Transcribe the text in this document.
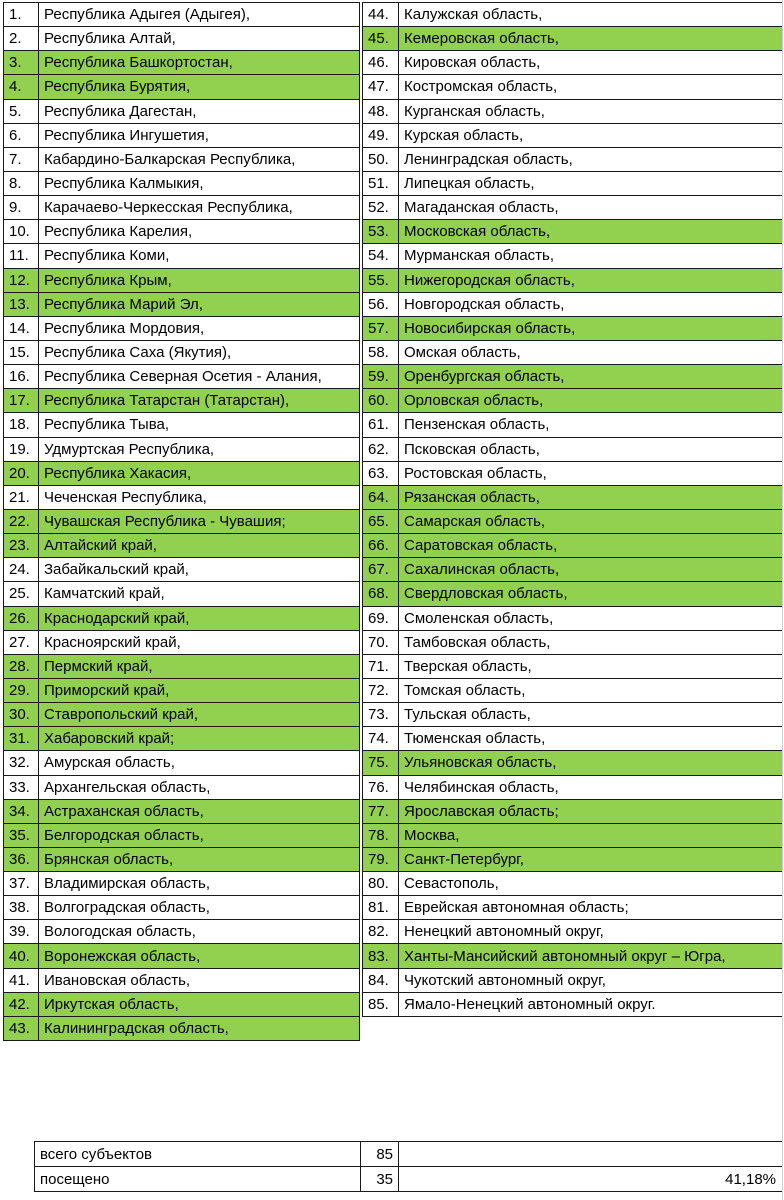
1.	Республика Адыгея (Адыгея),
2.	Республика Алтай,
3.	Республика Башкортостан,
4.	Республика Бурятия,
5.	Республика Дагестан,
6.	Республика Ингушетия,
7.	Кабардино-Балкарская Республика,
8.	Республика Калмыкия,
9.	Карачаево-Черкесская Республика,
10.	Республика Карелия,
11.	Республика Коми,
12.	Республика Крым,
13.	Республика Марий Эл,
14.	Республика Мордовия,
15.	Республика Саха (Якутия),
16.	Республика Северная Осетия - Алания,
17.	Республика Татарстан (Татарстан),
18.	Республика Тыва,
19.	Удмуртская Республика,
20.	Республика Хакасия,
21.	Чеченская Республика,
22.	Чувашская Республика - Чувашия;
23.	Алтайский край,
24.	Забайкальский край,
25.	Камчатский край,
26.	Краснодарский край,
27.	Красноярский край,
28.	Пермский край,
29.	Приморский край,
30.	Ставропольский край,
31.	Хабаровский край;
32.	Амурская область,
33.	Архангельская область,
34.	Астраханская область,
35.	Белгородская область,
36.	Брянская область,
37.	Владимирская область,
38.	Волгоградская область,
39.	Вологодская область,
40.	Воронежская область,
41.	Ивановская область,
42.	Иркутская область,
43.	Калининградская область,
44.	Калужская область,
45.	Кемеровская область,
46.	Кировская область,
47.	Костромская область,
48.	Курганская область,
49.	Курская область,
50.	Ленинградская область,
51.	Липецкая область,
52.	Магаданская область,
53.	Московская область,
54.	Мурманская область,
55.	Нижегородская область,
56.	Новгородская область,
57.	Новосибирская область,
58.	Омская область,
59.	Оренбургская область,
60.	Орловская область,
61.	Пензенская область,
62.	Псковская область,
63.	Ростовская область,
64.	Рязанская область,
65.	Самарская область,
66.	Саратовская область,
67.	Сахалинская область,
68.	Свердловская область,
69.	Смоленская область,
70.	Тамбовская область,
71.	Тверская область,
72.	Томская область,
73.	Тульская область,
74.	Тюменская область,
75.	Ульяновская область,
76.	Челябинская область,
77.	Ярославская область;
78.	Москва,
79.	Санкт-Петербург,
80.	Севастополь,
81.	Еврейская автономная область;
82.	Ненецкий автономный округ,
83.	Ханты-Мансийский автономный округ – Югра,
84.	Чукотский автономный округ,
85.	Ямало-Ненецкий автономный округ.
всего субъектов	85	
посещено	35	41,18%
